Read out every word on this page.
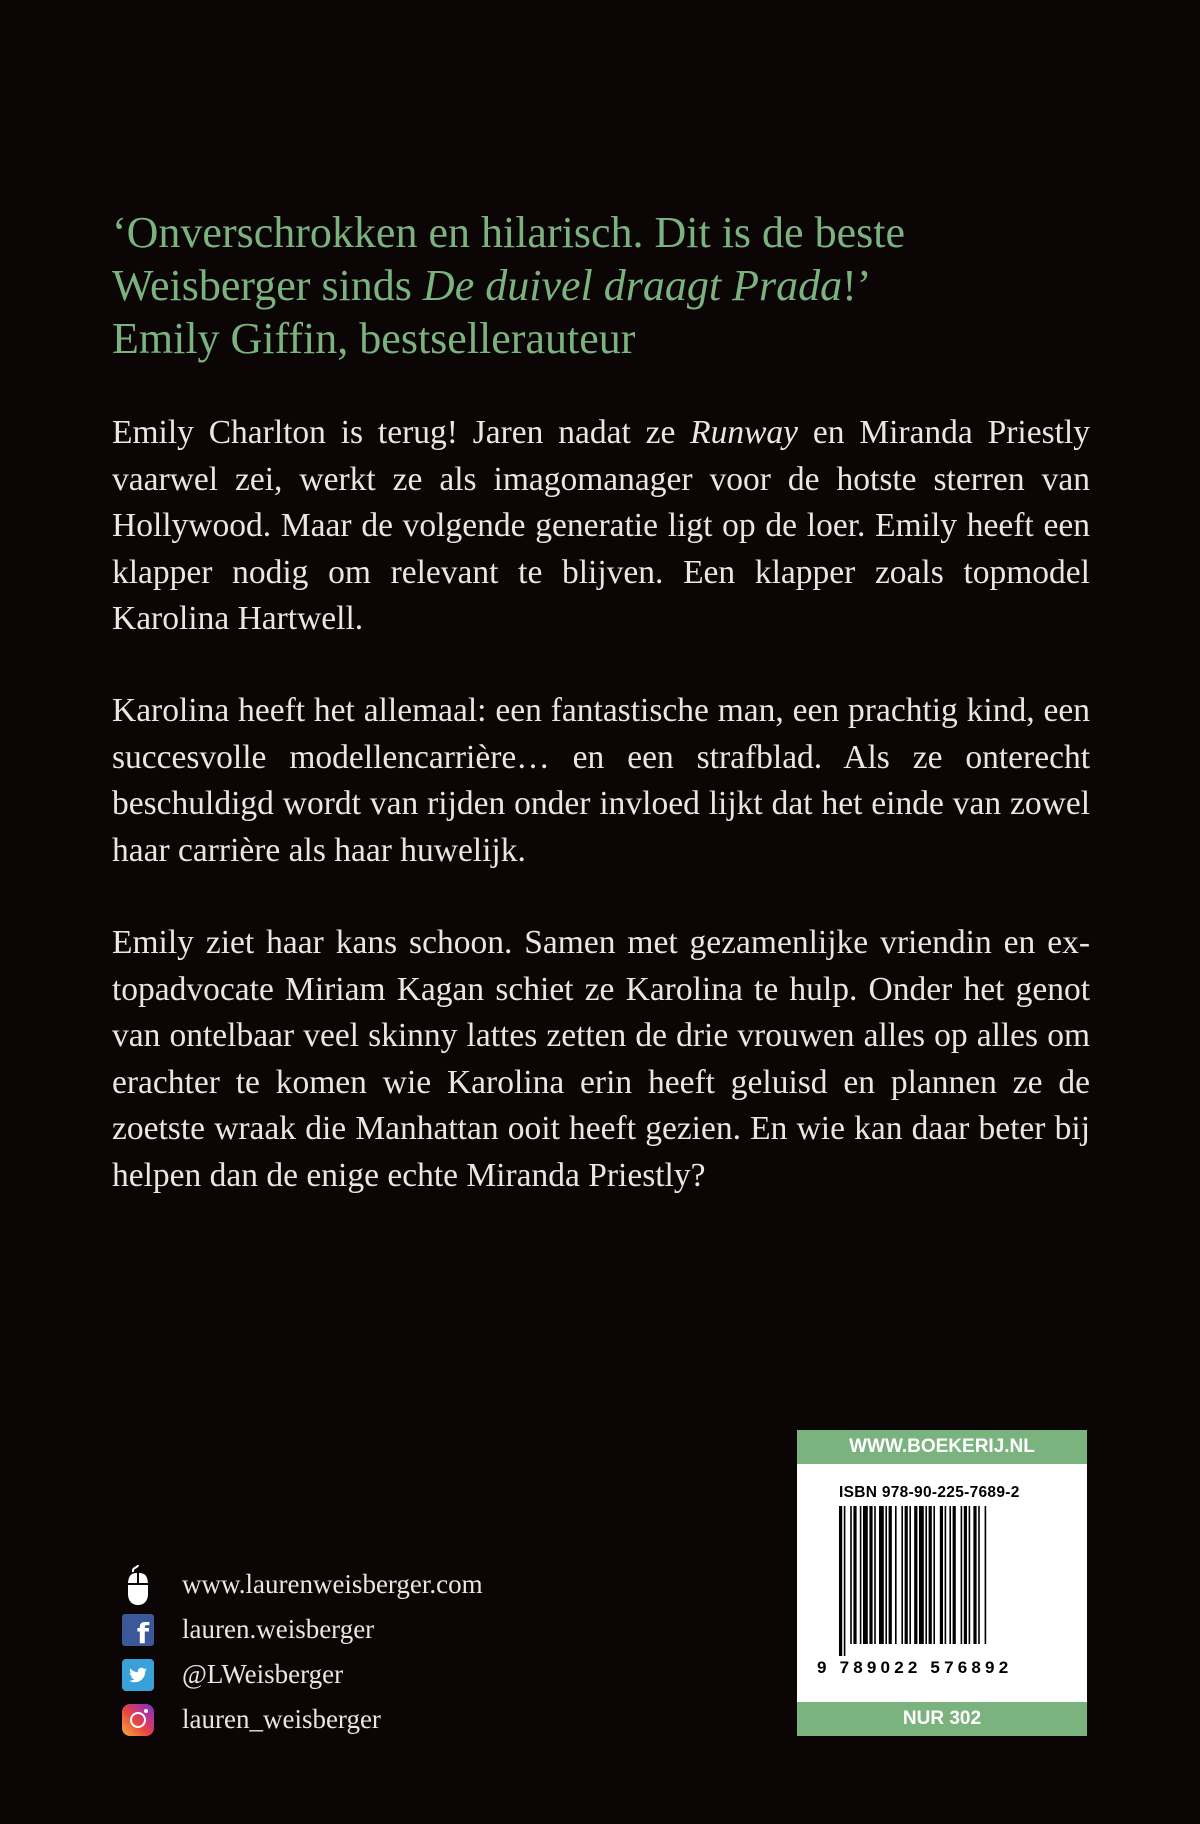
‘Onverschrokken en hilarisch. Dit is de beste
Weisberger sinds De duivel draagt Prada!’
Emily Giffin, bestsellerauteur

Emily Charlton is terug! Jaren nadat ze Runway en Miranda Priestly vaarwel zei, werkt ze als imagomanager voor de hotste sterren van Hollywood. Maar de volgende generatie ligt op de loer. Emily heeft een klapper nodig om relevant te blijven. Een klapper zoals topmodel Karolina Hartwell.

Karolina heeft het allemaal: een fantastische man, een prachtig kind, een succesvolle modellencarrière… en een strafblad. Als ze onterecht beschuldigd wordt van rijden onder invloed lijkt dat het einde van zowel haar carrière als haar huwelijk.

Emily ziet haar kans schoon. Samen met gezamenlijke vriendin en ex-topadvocate Miriam Kagan schiet ze Karolina te hulp. Onder het genot van ontelbaar veel skinny lattes zetten de drie vrouwen alles op alles om erachter te komen wie Karolina erin heeft geluisd en plannen ze de zoetste wraak die Manhattan ooit heeft gezien. En wie kan daar beter bij helpen dan de enige echte Miranda Priestly?

www.laurenweisberger.com
f lauren.weisberger
@LWeisberger
lauren_weisberger
WWW.BOEKERIJ.NL
ISBN 978-90-225-7689-2
9 789022 576892
NUR 302
